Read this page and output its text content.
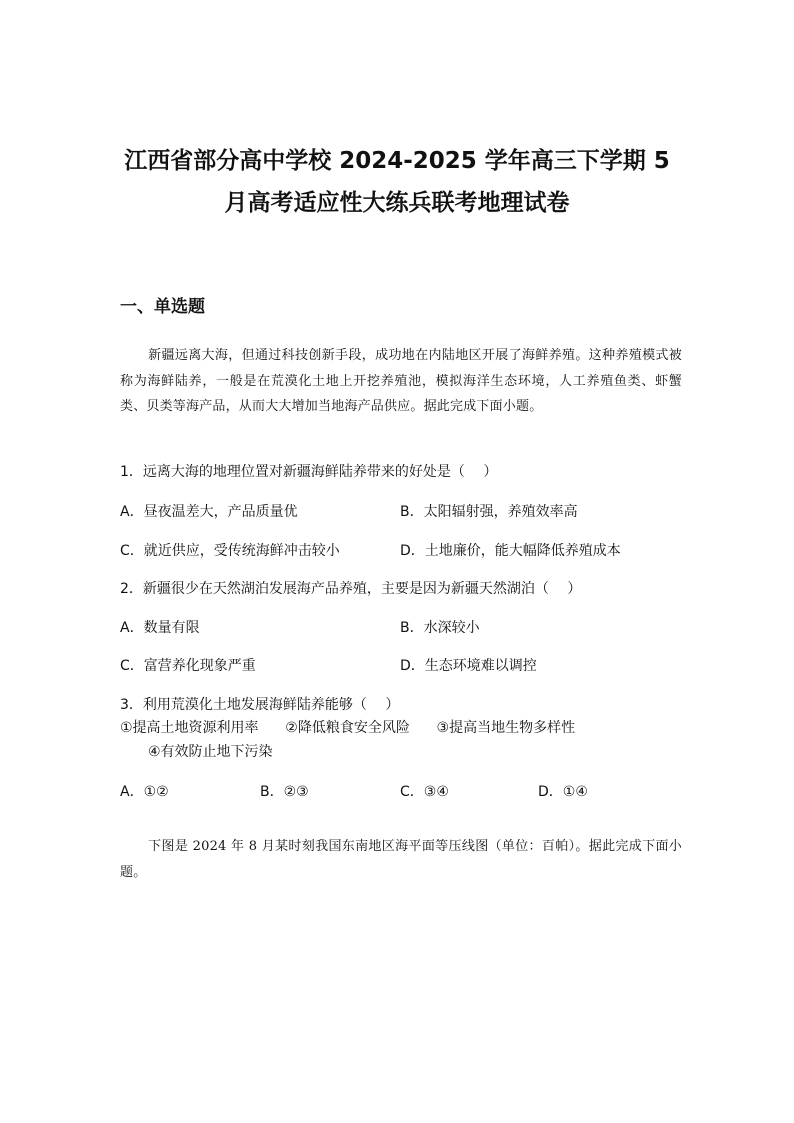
江西省部分高中学校 2024-2025 学年高三下学期 5
月高考适应性大练兵联考地理试卷
一、单选题
新疆远离大海，但通过科技创新手段，成功地在内陆地区开展了海鲜养殖。这种养殖模式被称为海鲜陆养，一般是在荒漠化土地上开挖养殖池，模拟海洋生态环境，人工养殖鱼类、虾蟹类、贝类等海产品，从而大大增加当地海产品供应。据此完成下面小题。
1．远离大海的地理位置对新疆海鲜陆养带来的好处是（　 ）
A．昼夜温差大，产品质量优	B．太阳辐射强，养殖效率高
C．就近供应，受传统海鲜冲击较小	D．土地廉价，能大幅降低养殖成本
2．新疆很少在天然湖泊发展海产品养殖，主要是因为新疆天然湖泊（　 ）
A．数量有限	B．水深较小
C．富营养化现象严重	D．生态环境难以调控
3．利用荒漠化土地发展海鲜陆养能够（　 ）
①提高土地资源利用率 ②降低粮食安全风险 ③提高当地生物多样性
④有效防止地下污染
A．①②	B．②③	C．③④	D．①④
下图是 2024 年 8 月某时刻我国东南地区海平面等压线图（单位：百帕）。据此完成下面小题。
